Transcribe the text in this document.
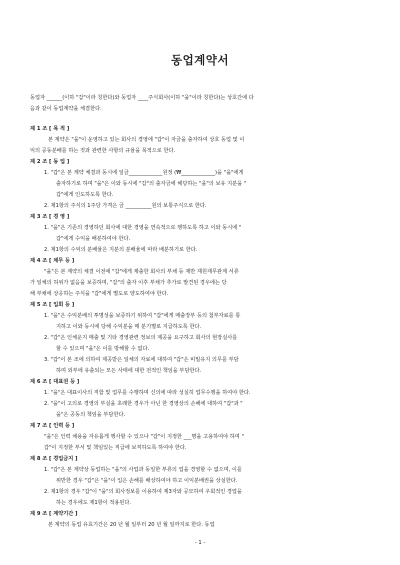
동업계약서
동업자 ______(이하 "갑"이라 칭한다)와 동업자 ____주식회사(이하 "을"이라 칭한다)는 상호간에 다
음과 같이 동업계약을 체결한다.
제 1 조 [ 목 적 ]
본 계약은 "을"이 운영하고 있는 회사의 경영에 "갑"이 자금을 출자하여 상호 동업 및 이
익의 공동분배를 하는 것과 관련한 사항의 규율을 목적으로 한다.
제 2 조 [ 동 업 ]
1. "갑"은 본 계약 체결과 동시에 일금_____________원정 (₩_____________)을 "을"에게
출자하기로 하며 "을"은 이와 동시에 "갑"의 출자금에 해당하는 "을"의 보유 지분을 "
갑"에게 인도하도록 한다.
2. 제1항의 주식의 1주당 가격은 금 __________원의 보통주식으로 한다.
제 3 조 [ 경 영 ]
1. "을"은 기존의 경영하던 회사에 대한 경영을 연속적으로 행하도록 하고 이와 동시에 "
갑"에게 수익을 배분하여야 한다.
2. 제1항의 수익의 분배율은 지분의 분배율에 따라 배분하기로 한다.
제 4 조 [ 채무 등 ]
"을"은 본 계약의 체결 이전에 "갑"에게 제출한 회사의 부채 등 제반 재원재무관계 서류
가 일체의 허위가 없음을 보증하며, "갑"의 출자 이후 부채가 추가로 발견된 경우에는 당
해 부채에 상응하는 주식을 "갑"에게 별도로 양도하여야 한다.
제 5 조 [ 입회 등 ]
1. "을"은 수익분배의 투명성을 보증하기 위하여 "갑"에게 매출장부 등의 첨부자료를 통
지하고 이와 동시에 당해 수익분을 매 분기별로 지급하도록 한다.
2. "갑"은 인체운지 매출 및 기타 경영관련 정보의 제공을 요구하고 회사의 현장실사를
할 수 있으며 "을"은 이를 방해할 수 없다.
3. "갑"이 본 조에 의하여 제공받은 일체의 자료에 대하여 "갑"은 비밀유지 의무를 부담
하며 외부에 유출되는 모든 사태에 대한 전적인 책임을 부담한다.
제 6 조 [ 대표권 등 ]
1. "을"은 대표이사의 직함 및 업무를 수행하며 신의에 따라 성실히 업무수행을 하여야 한다.
2. "을"이 고의로 경영의 부실을 초래한 경우가 아닌 한 경영상의 손해에 대하여 "갑"과 "
을"은 공동의 책임을 부담한다.
제 7 조 [ 인력 등 ]
"을"은 인력 채용을 자유롭게 행사할 수 있으나 "갑"이 지정한 ___명을 고용하여야 하며 "
갑"이 지정한 부서 및 책임있는 직급에 보직하도록 하여야 한다.
제 8 조 [ 경업금지 ]
1. "갑"은 본 계약상 동업하는 "을"의 사업과 동일한 부류의 업을 경영할 수 없으며, 이를
위반한 경우 "갑"은 "을"이 입은 손해를 배상하여야 하고 이익분배권을 상실한다.
2. 제1항의 경우 "갑"이 "을"의 회사정보를 이용하여 제3자와 공모하여 우회적인 경업을
하는 경우에도 제1항이 적용된다.
제 9 조 [ 계약기간 ]
본 계약의 동업 유효기간은 20 년 월 일부터 20 년 월 일까지로 한다. 동업
- 1 -
